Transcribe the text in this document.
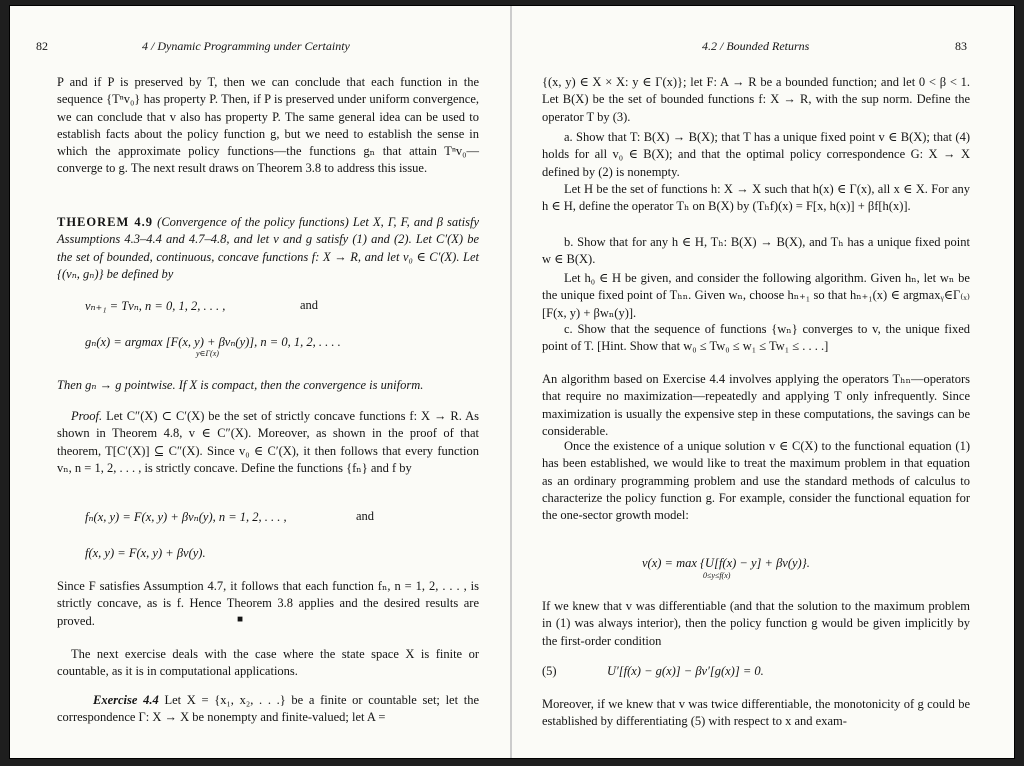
82	4 / Dynamic Programming under Certainty

P and if P is preserved by T, then we can conclude that each function in the sequence {Tⁿv₀} has property P. Then, if P is preserved under uniform convergence, we can conclude that v also has property P. The same general idea can be used to establish facts about the policy function g, but we need to establish the sense in which the approximate policy functions—the functions gₙ that attain Tⁿv₀—converge to g. The next result draws on Theorem 3.8 to address this issue.

THEOREM 4.9 (Convergence of the policy functions) Let X, Γ, F, and β satisfy Assumptions 4.3–4.4 and 4.7–4.8, and let v and g satisfy (1) and (2). Let C′(X) be the set of bounded, continuous, concave functions f: X → R, and let v₀ ∈ C′(X). Let {(vₙ, gₙ)} be defined by
vₙ₊₁ = Tvₙ, n = 0, 1, 2, . . . ,	and
gₙ(x) = argmax [F(x, y) + βvₙ(y)], n = 0, 1, 2, . . . .
y∈Γ(x)

Then gₙ → g pointwise. If X is compact, then the convergence is uniform.

Proof. Let C″(X) ⊂ C′(X) be the set of strictly concave functions f: X → R. As shown in Theorem 4.8, v ∈ C″(X). Moreover, as shown in the proof of that theorem, T[C′(X)] ⊆ C″(X). Since v₀ ∈ C′(X), it then follows that every function vₙ, n = 1, 2, . . . , is strictly concave. Define the functions {fₙ} and f by
fₙ(x, y) = F(x, y) + βvₙ(y), n = 1, 2, . . . ,	and
f(x, y) = F(x, y) + βv(y).

Since F satisfies Assumption 4.7, it follows that each function fₙ, n = 1, 2, . . . , is strictly concave, as is f. Hence Theorem 3.8 applies and the desired results are proved.	■

The next exercise deals with the case where the state space X is finite or countable, as it is in computational applications.

Exercise 4.4 Let X = {x₁, x₂, . . .} be a finite or countable set; let the correspondence Γ: X → X be nonempty and finite-valued; let A =
4.2 / Bounded Returns	83

{(x, y) ∈ X × X: y ∈ Γ(x)}; let F: A → R be a bounded function; and let 0 < β < 1. Let B(X) be the set of bounded functions f: X → R, with the sup norm. Define the operator T by (3).

a. Show that T: B(X) → B(X); that T has a unique fixed point v ∈ B(X); that (4) holds for all v₀ ∈ B(X); and that the optimal policy correspondence G: X → X defined by (2) is nonempty.

Let H be the set of functions h: X → X such that h(x) ∈ Γ(x), all x ∈ X. For any h ∈ H, define the operator Tₕ on B(X) by (Tₕf)(x) = F[x, h(x)] + βf[h(x)].

b. Show that for any h ∈ H, Tₕ: B(X) → B(X), and Tₕ has a unique fixed point w ∈ B(X).

Let h₀ ∈ H be given, and consider the following algorithm. Given hₙ, let wₙ be the unique fixed point of Tₕₙ. Given wₙ, choose hₙ₊₁ so that hₙ₊₁(x) ∈ argmaxᵧ∈Γ₍ₓ₎ [F(x, y) + βwₙ(y)].

c. Show that the sequence of functions {wₙ} converges to v, the unique fixed point of T. [Hint. Show that w₀ ≤ Tw₀ ≤ w₁ ≤ Tw₁ ≤ . . . .]

An algorithm based on Exercise 4.4 involves applying the operators Tₕₙ—operators that require no maximization—repeatedly and applying T only infrequently. Since maximization is usually the expensive step in these computations, the savings can be considerable.

Once the existence of a unique solution v ∈ C(X) to the functional equation (1) has been established, we would like to treat the maximum problem in that equation as an ordinary programming problem and use the standard methods of calculus to characterize the policy function g. For example, consider the functional equation for the one-sector growth model:

v(x) = max {U[f(x) − y] + βv(y)}.
0≤y≤f(x)

If we knew that v was differentiable (and that the solution to the maximum problem in (1) was always interior), then the policy function g would be given implicitly by the first-order condition

(5)	U′[f(x) − g(x)] − βv′[g(x)] = 0.

Moreover, if we knew that v was twice differentiable, the monotonicity of g could be established by differentiating (5) with respect to x and exam-
